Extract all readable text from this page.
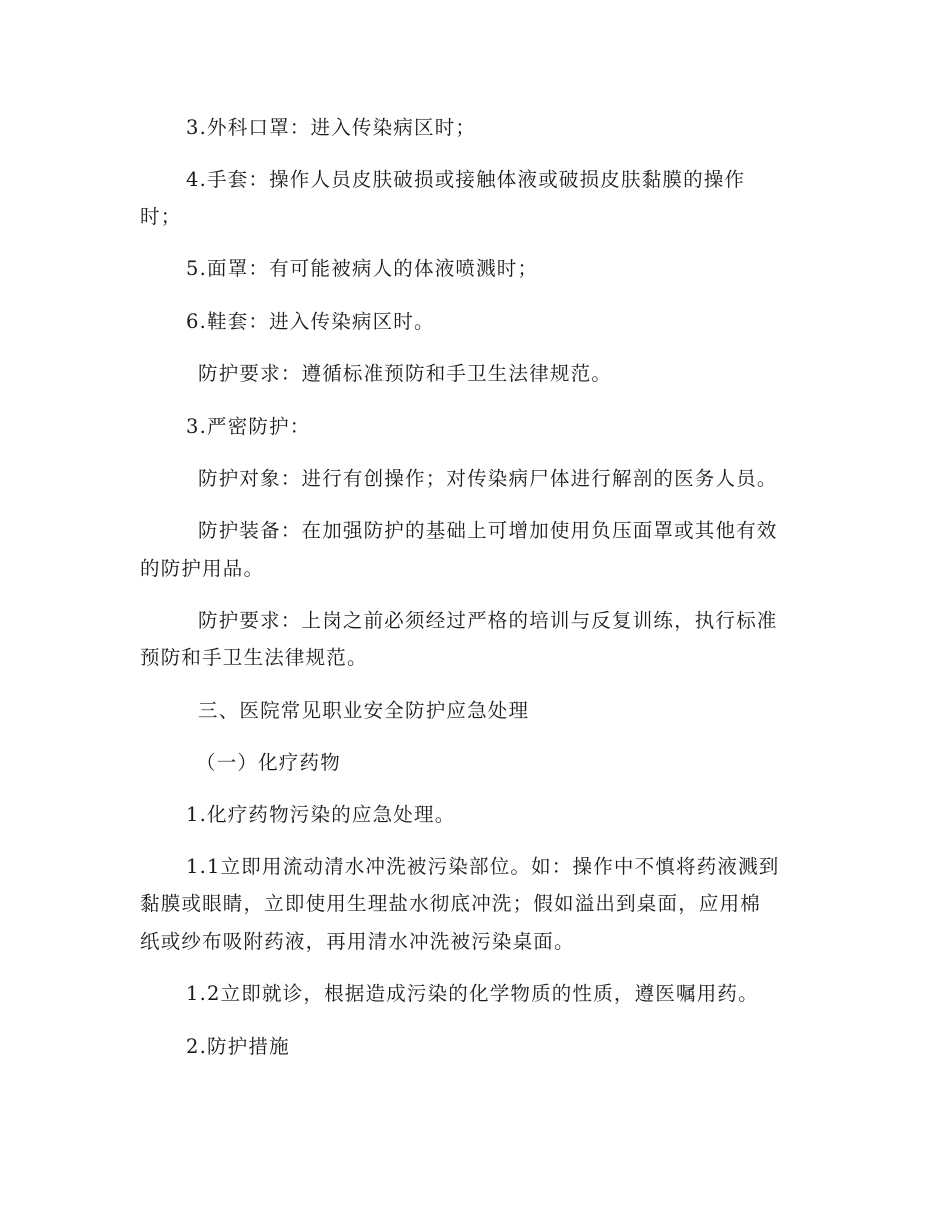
3.外科口罩：进入传染病区时；
4.手套：操作人员皮肤破损或接触体液或破损皮肤黏膜的操作
时；
5.面罩：有可能被病人的体液喷溅时；
6.鞋套：进入传染病区时。
防护要求：遵循标准预防和手卫生法律规范。
3.严密防护：
防护对象：进行有创操作；对传染病尸体进行解剖的医务人员。
防护装备：在加强防护的基础上可增加使用负压面罩或其他有效
的防护用品。
防护要求：上岗之前必须经过严格的培训与反复训练，执行标准
预防和手卫生法律规范。
三、医院常见职业安全防护应急处理
（一）化疗药物
1.化疗药物污染的应急处理。
1.1立即用流动清水冲洗被污染部位。如：操作中不慎将药液溅到
黏膜或眼睛，立即使用生理盐水彻底冲洗；假如溢出到桌面，应用棉
纸或纱布吸附药液，再用清水冲洗被污染桌面。
1.2立即就诊，根据造成污染的化学物质的性质，遵医嘱用药。
2.防护措施
